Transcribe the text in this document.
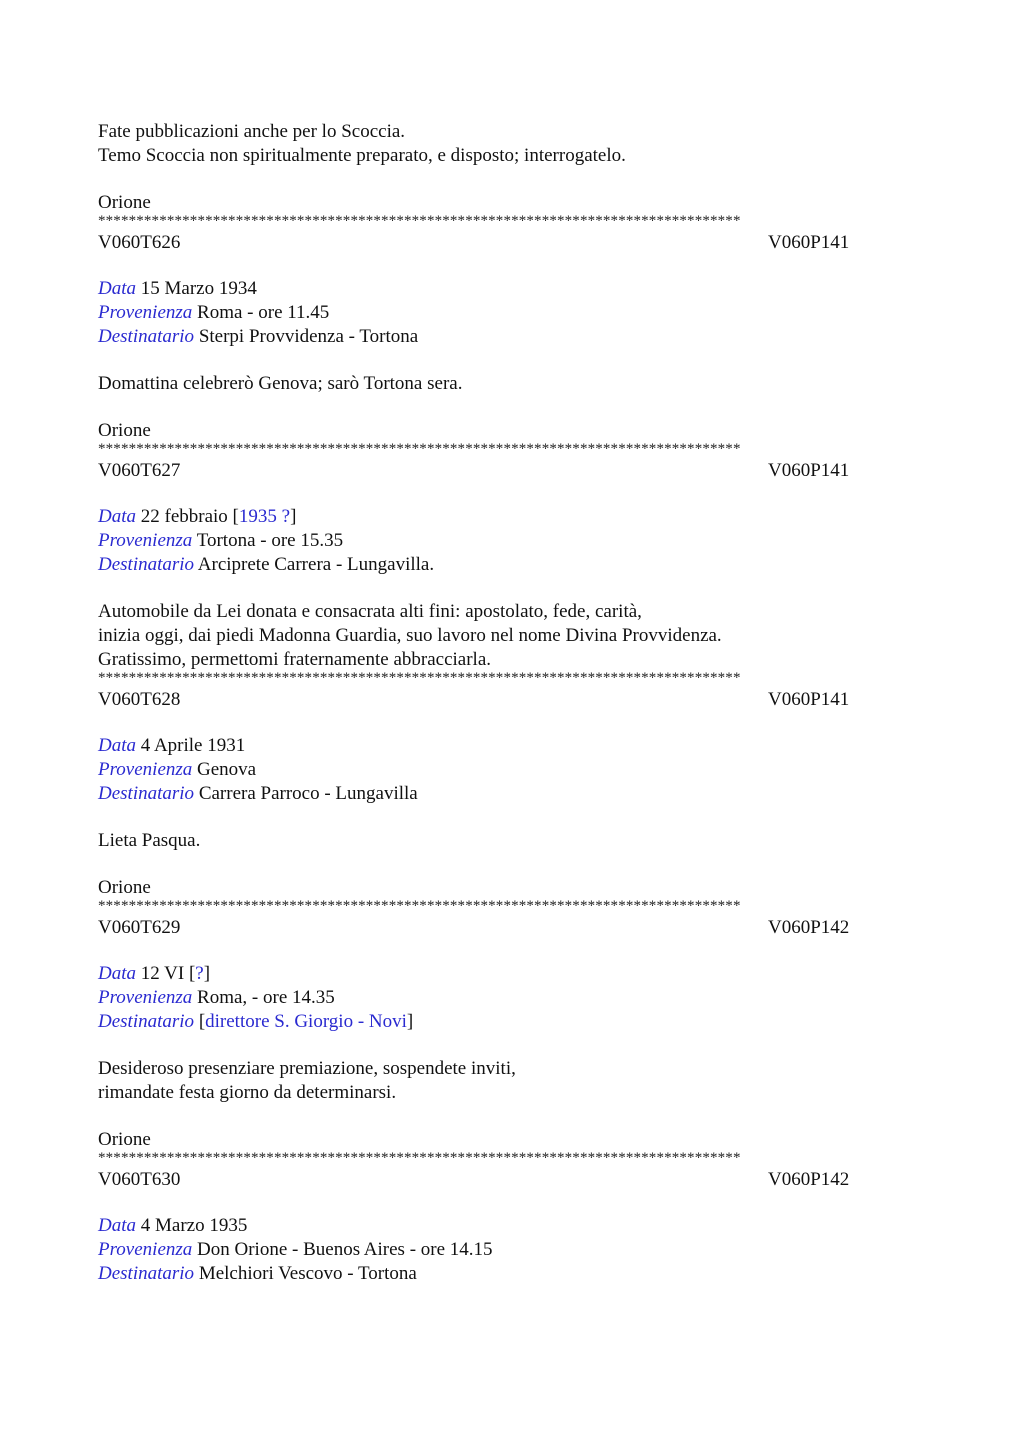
Fate pubblicazioni anche per lo Scoccia.
Temo Scoccia non spiritualmente preparato, e disposto; interrogatelo.
Orione
************************************************************************************
V060T626	V060P141
Data 15 Marzo 1934
Provenienza Roma - ore 11.45
Destinatario Sterpi Provvidenza - Tortona
Domattina celebrerò Genova; sarò Tortona sera.
Orione
************************************************************************************
V060T627	V060P141
Data 22 febbraio [1935 ?]
Provenienza Tortona - ore 15.35
Destinatario Arciprete Carrera - Lungavilla.
Automobile da Lei donata e consacrata alti fini: apostolato, fede, carità,
inizia oggi, dai piedi Madonna Guardia, suo lavoro nel nome Divina Provvidenza.
Gratissimo, permettomi fraternamente abbracciarla.
************************************************************************************
V060T628	V060P141
Data 4 Aprile 1931
Provenienza Genova
Destinatario Carrera Parroco - Lungavilla
Lieta Pasqua.
Orione
************************************************************************************
V060T629	V060P142
Data 12 VI [?]
Provenienza Roma, - ore 14.35
Destinatario [direttore S. Giorgio - Novi]
Desideroso presenziare premiazione, sospendete inviti,
rimandate festa giorno da determinarsi.
Orione
************************************************************************************
V060T630	V060P142
Data 4 Marzo 1935
Provenienza Don Orione - Buenos Aires - ore 14.15
Destinatario Melchiori Vescovo - Tortona
